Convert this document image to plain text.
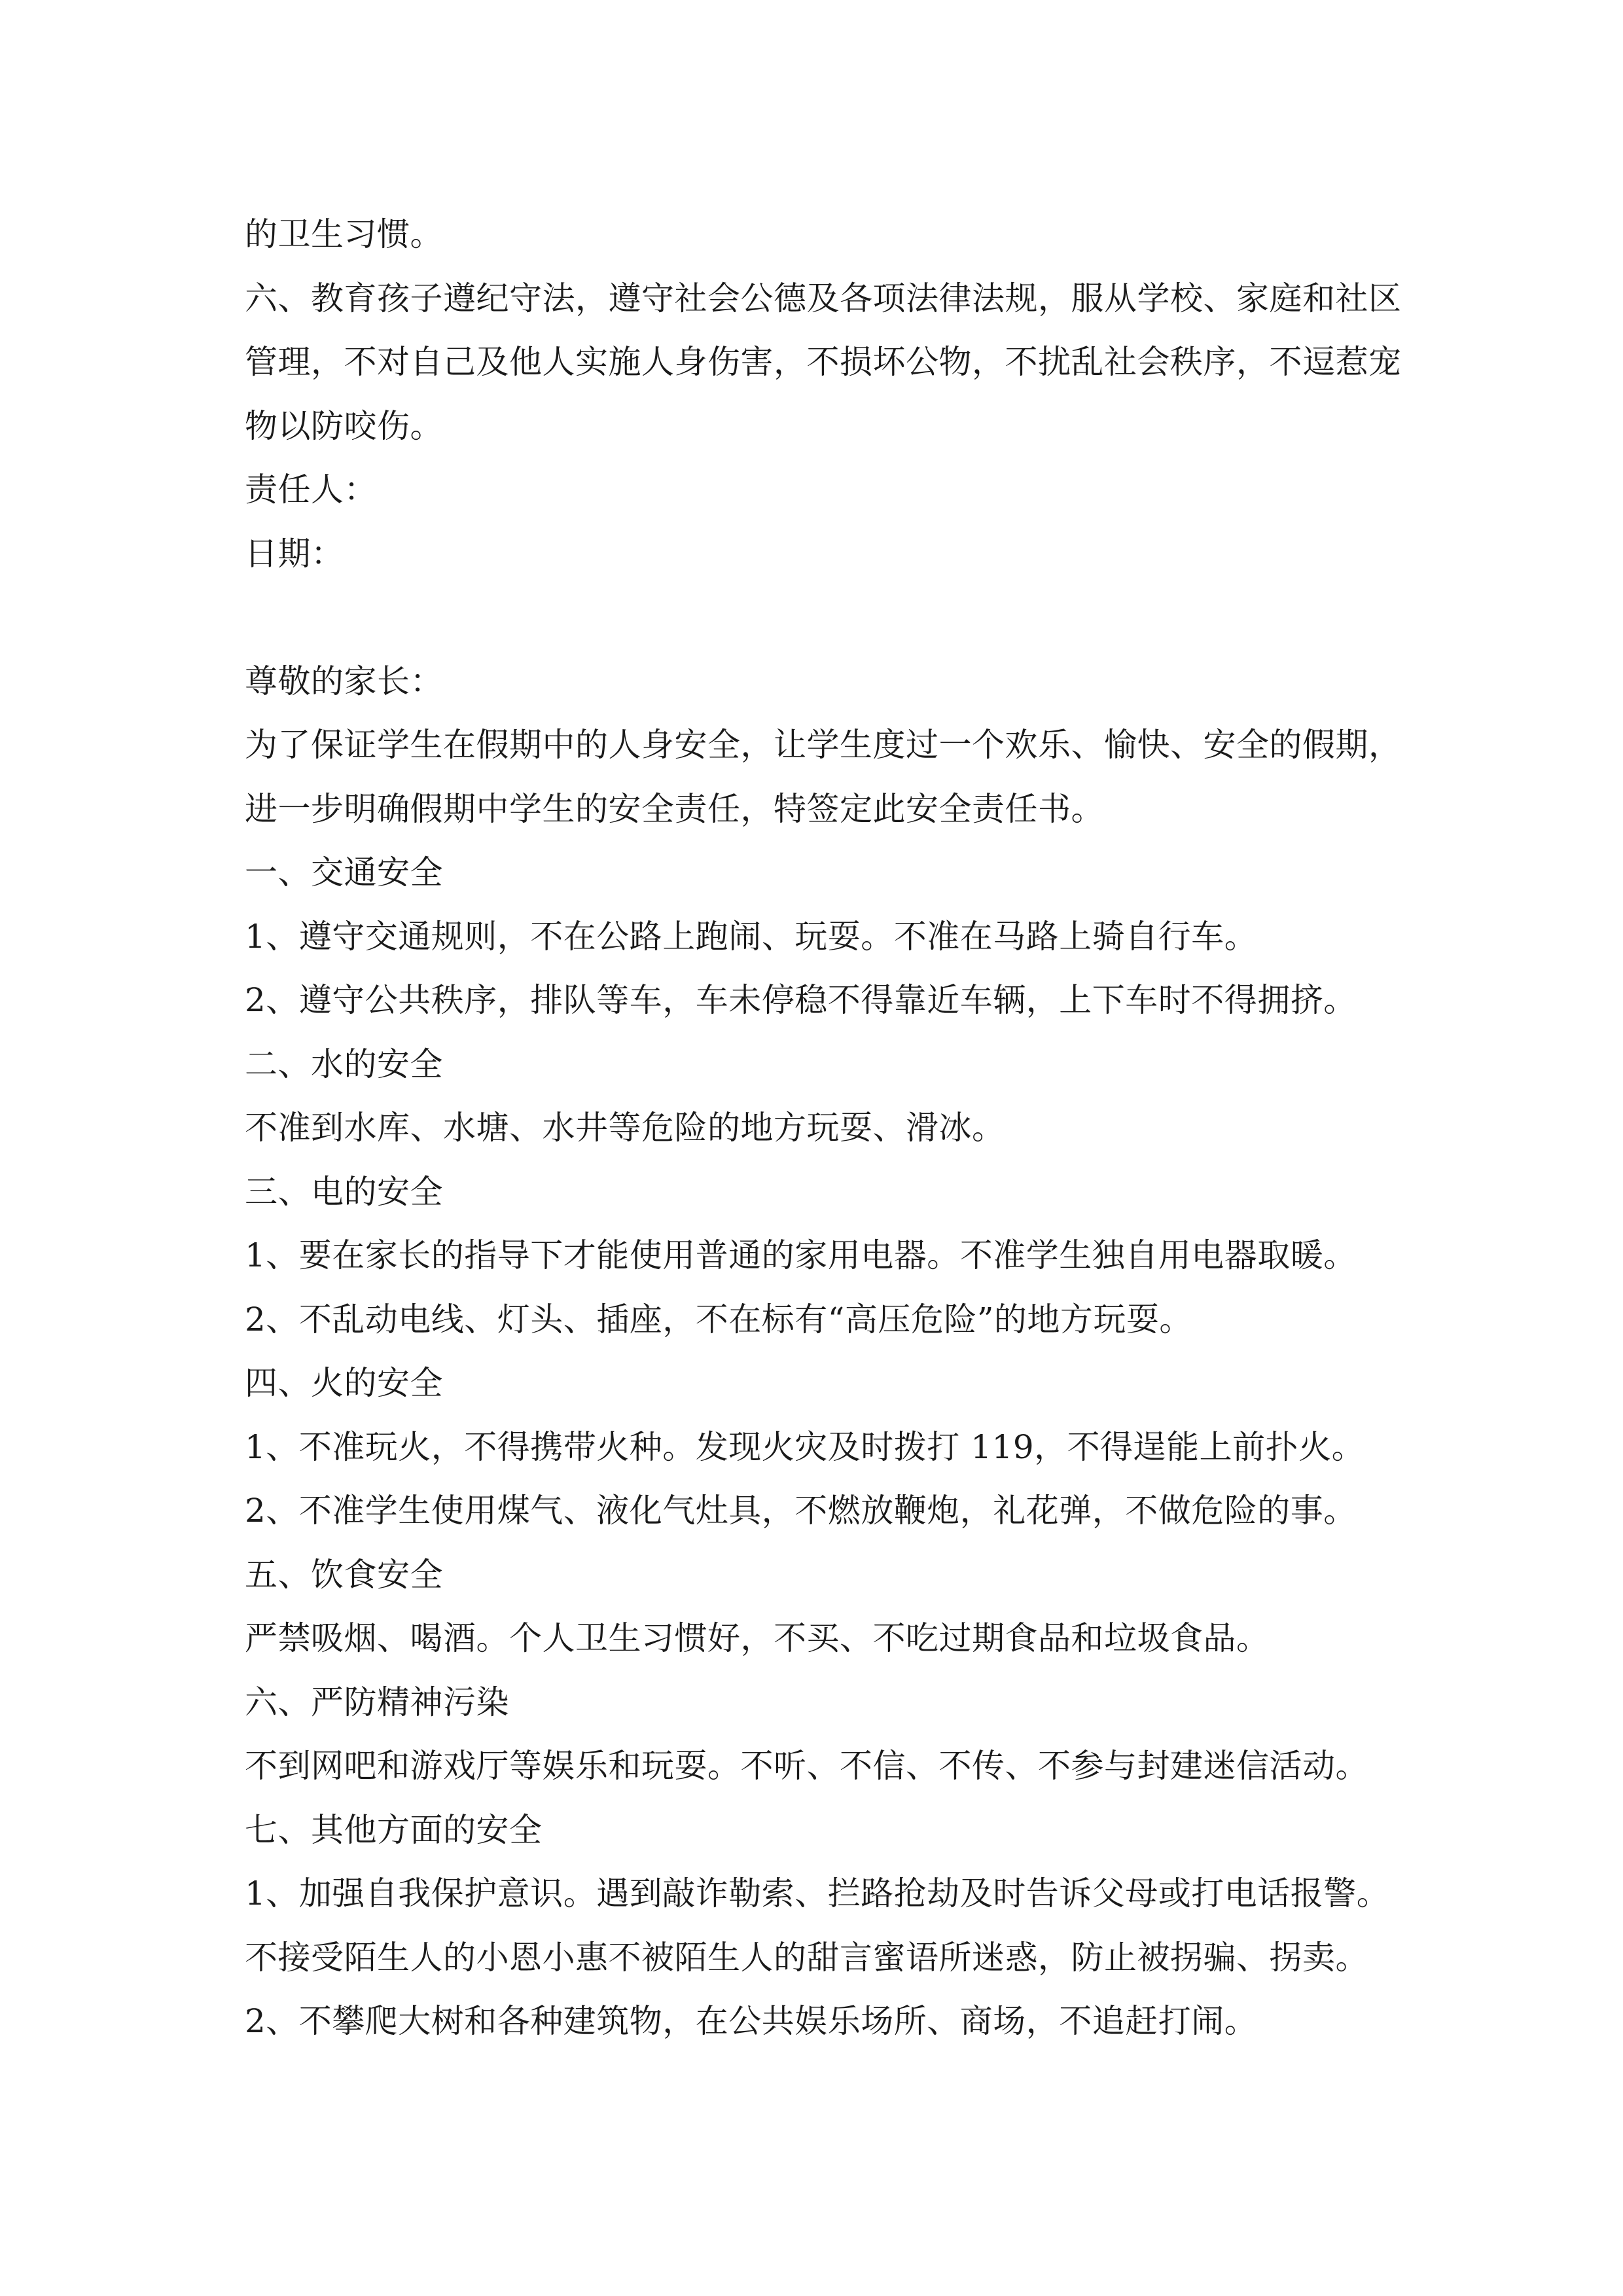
的卫生习惯。
六、教育孩子遵纪守法，遵守社会公德及各项法律法规，服从学校、家庭和社区
管理，不对自己及他人实施人身伤害，不损坏公物，不扰乱社会秩序，不逗惹宠
物以防咬伤。
责任人：
日期：
尊敬的家长：
为了保证学生在假期中的人身安全，让学生度过一个欢乐、愉快、安全的假期，
进一步明确假期中学生的安全责任，特签定此安全责任书。
一、交通安全
1、遵守交通规则，不在公路上跑闹、玩耍。不准在马路上骑自行车。
2、遵守公共秩序，排队等车，车未停稳不得靠近车辆，上下车时不得拥挤。
二、水的安全
不准到水库、水塘、水井等危险的地方玩耍、滑冰。
三、电的安全
1、要在家长的指导下才能使用普通的家用电器。不准学生独自用电器取暖。
2、不乱动电线、灯头、插座，不在标有“高压危险”的地方玩耍。
四、火的安全
1、不准玩火，不得携带火种。发现火灾及时拨打 119，不得逞能上前扑火。
2、不准学生使用煤气、液化气灶具，不燃放鞭炮，礼花弹，不做危险的事。
五、饮食安全
严禁吸烟、喝酒。个人卫生习惯好，不买、不吃过期食品和垃圾食品。
六、严防精神污染
不到网吧和游戏厅等娱乐和玩耍。不听、不信、不传、不参与封建迷信活动。
七、其他方面的安全
1、加强自我保护意识。遇到敲诈勒索、拦路抢劫及时告诉父母或打电话报警。
不接受陌生人的小恩小惠不被陌生人的甜言蜜语所迷惑，防止被拐骗、拐卖。
2、不攀爬大树和各种建筑物，在公共娱乐场所、商场，不追赶打闹。
